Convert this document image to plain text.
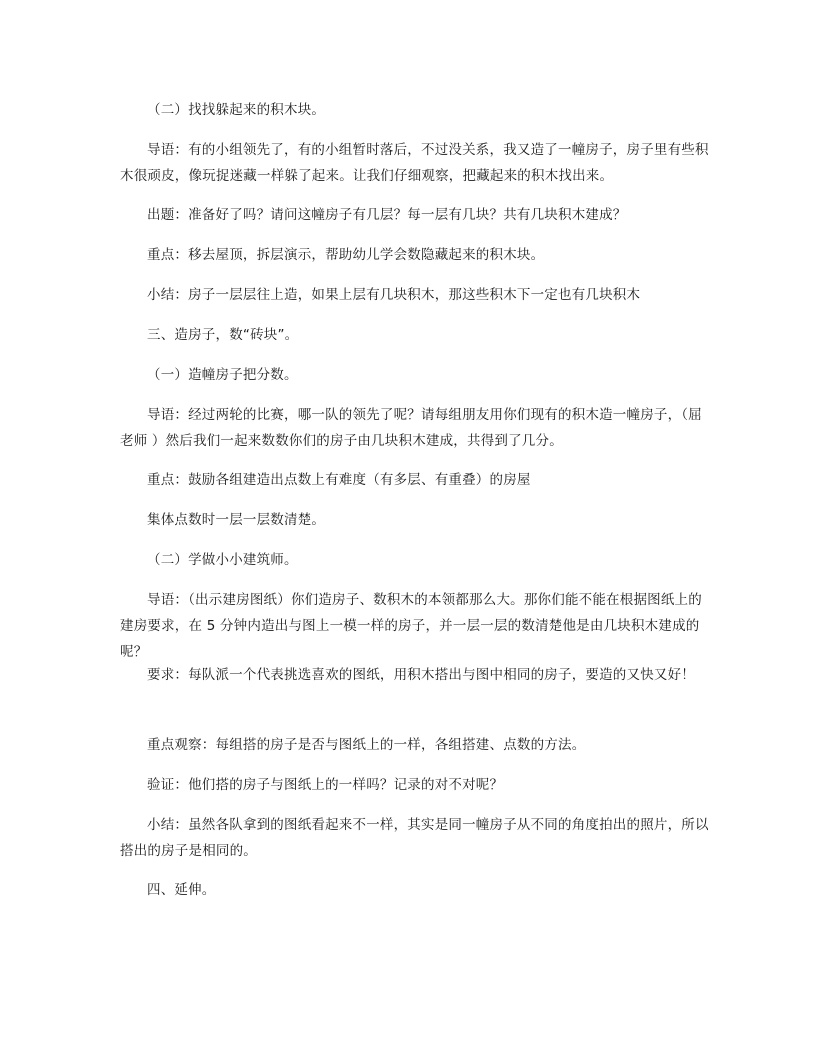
（二）找找躲起来的积木块。
导语：有的小组领先了，有的小组暂时落后，不过没关系，我又造了一幢房子，房子里有些积木很顽皮，像玩捉迷藏一样躲了起来。让我们仔细观察，把藏起来的积木找出来。
出题：准备好了吗？请问这幢房子有几层？每一层有几块？共有几块积木建成？
重点：移去屋顶，拆层演示，帮助幼儿学会数隐藏起来的积木块。
小结：房子一层层往上造，如果上层有几块积木，那这些积木下一定也有几块积木
三、造房子，数“砖块”。
（一）造幢房子把分数。
导语：经过两轮的比赛，哪一队的领先了呢？请每组朋友用你们现有的积木造一幢房子，（屈老师 ）然后我们一起来数数你们的房子由几块积木建成，共得到了几分。
重点：鼓励各组建造出点数上有难度（有多层、有重叠）的房屋
集体点数时一层一层数清楚。
（二）学做小小建筑师。
导语：（出示建房图纸）你们造房子、数积木的本领都那么大。那你们能不能在根据图纸上的建房要求，在 5 分钟内造出与图上一模一样的房子，并一层一层的数清楚他是由几块积木建成的呢？
要求：每队派一个代表挑选喜欢的图纸，用积木搭出与图中相同的房子，要造的又快又好！
重点观察：每组搭的房子是否与图纸上的一样，各组搭建、点数的方法。
验证：他们搭的房子与图纸上的一样吗？记录的对不对呢？
小结：虽然各队拿到的图纸看起来不一样，其实是同一幢房子从不同的角度拍出的照片，所以搭出的房子是相同的。
四、延伸。
